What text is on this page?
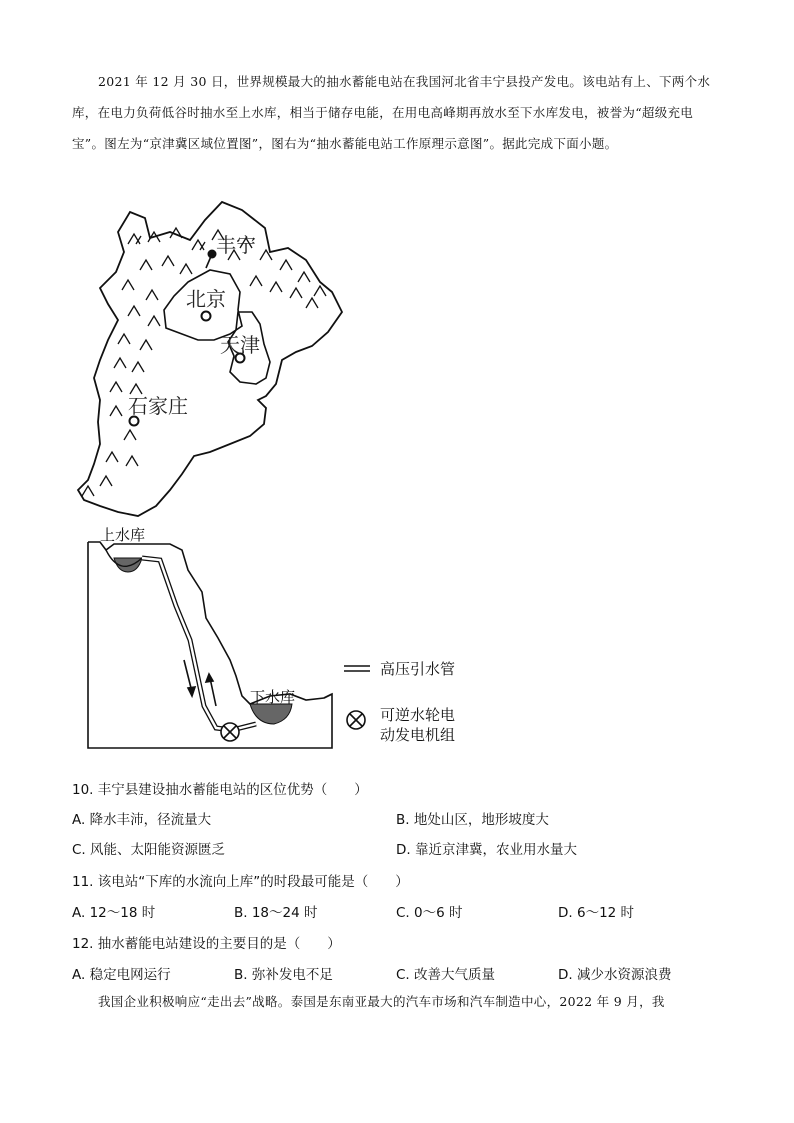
2021 年 12 月 30 日，世界规模最大的抽水蓄能电站在我国河北省丰宁县投产发电。该电站有上、下两个水库，在电力负荷低谷时抽水至上水库，相当于储存电能，在用电高峰期再放水至下水库发电，被誉为“超级充电宝”。图左为“京津冀区域位置图”，图右为“抽水蓄能电站工作原理示意图”。据此完成下面小题。
丰宁
北京
天津
石家庄
上水库
下水库
高压引水管
可逆水轮电
动发电机组
10. 丰宁县建设抽水蓄能电站的区位优势（　　）
A. 降水丰沛，径流量大	B. 地处山区，地形坡度大
C. 风能、太阳能资源匮乏	D. 靠近京津冀，农业用水量大
11. 该电站“下库的水流向上库”的时段最可能是（　　）
A. 12～18 时	B. 18～24 时	C. 0～6 时	D. 6～12 时
12. 抽水蓄能电站建设的主要目的是（　　）
A. 稳定电网运行	B. 弥补发电不足	C. 改善大气质量	D. 减少水资源浪费
我国企业积极响应“走出去”战略。泰国是东南亚最大的汽车市场和汽车制造中心，2022 年 9 月，我
